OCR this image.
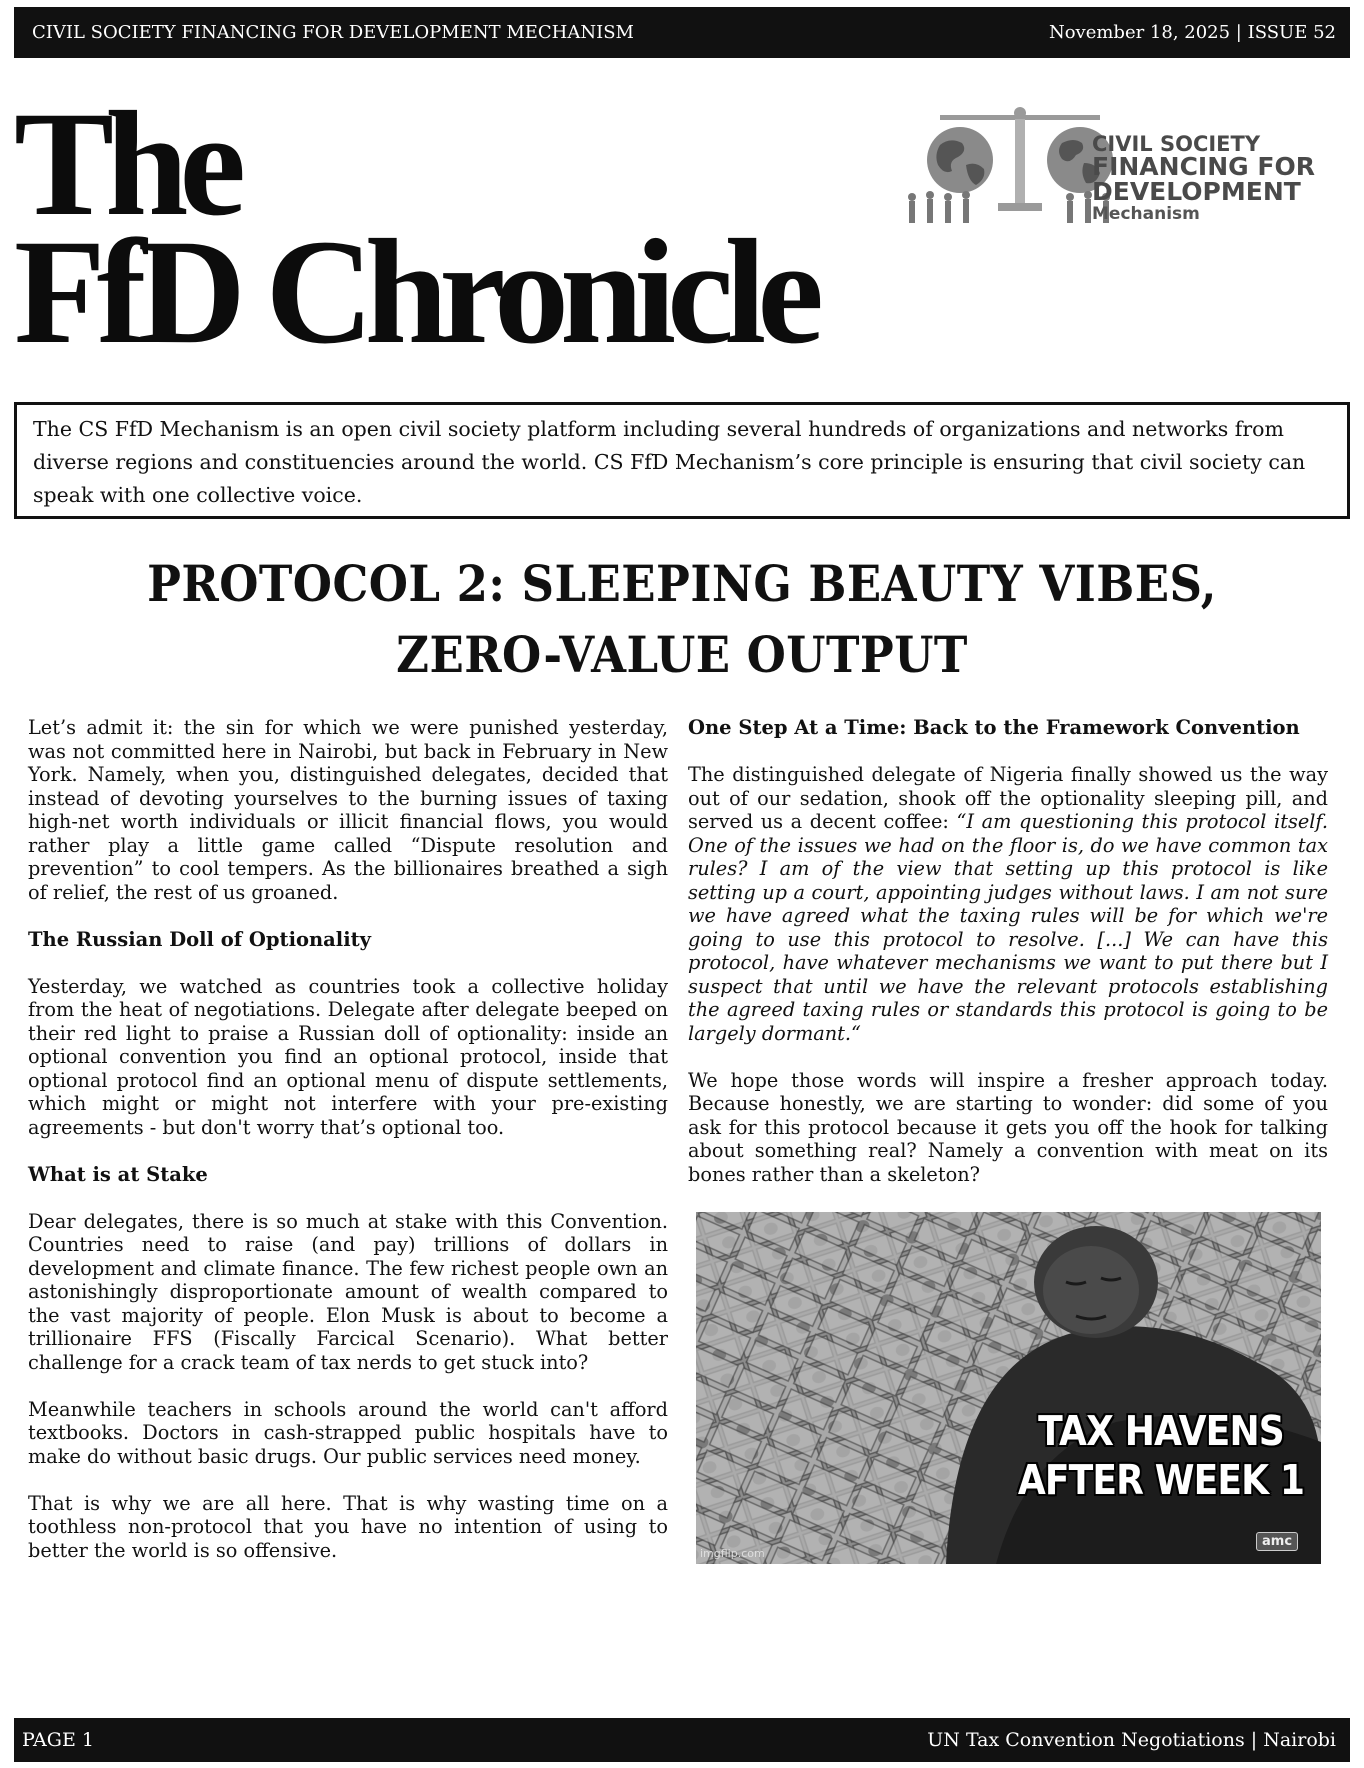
CIVIL SOCIETY FINANCING FOR DEVELOPMENT MECHANISM	November 18, 2025 | ISSUE 52
The
FfD Chronicle
CIVIL SOCIETY
FINANCING FOR
DEVELOPMENT
Mechanism
The CS FfD Mechanism is an open civil society platform including several hundreds of organizations and networks from diverse regions and constituencies around the world. CS FfD Mechanism’s core principle is ensuring that civil society can speak with one collective voice.
PROTOCOL 2: SLEEPING BEAUTY VIBES,
ZERO-VALUE OUTPUT

Let’s admit it: the sin for which we were punished yesterday, was not committed here in Nairobi, but back in February in New York. Namely, when you, distinguished delegates, decided that instead of devoting yourselves to the burning issues of taxing high-net worth individuals or illicit financial flows, you would rather play a little game called “Dispute resolution and prevention” to cool tempers. As the billionaires breathed a sigh of relief, the rest of us groaned.

The Russian Doll of Optionality

Yesterday, we watched as countries took a collective holiday from the heat of negotiations. Delegate after delegate beeped on their red light to praise a Russian doll of optionality: inside an optional convention you find an optional protocol, inside that optional protocol find an optional menu of dispute settlements, which might or might not interfere with your pre-existing agreements - but don't worry that’s optional too.

What is at Stake

Dear delegates, there is so much at stake with this Convention. Countries need to raise (and pay) trillions of dollars in development and climate finance. The few richest people own an astonishingly disproportionate amount of wealth compared to the vast majority of people. Elon Musk is about to become a trillionaire FFS (Fiscally Farcical Scenario). What better challenge for a crack team of tax nerds to get stuck into?

Meanwhile teachers in schools around the world can't afford textbooks. Doctors in cash-strapped public hospitals have to make do without basic drugs. Our public services need money.

That is why we are all here. That is why wasting time on a toothless non-protocol that you have no intention of using to better the world is so offensive.

One Step At a Time: Back to the Framework Convention

The distinguished delegate of Nigeria finally showed us the way out of our sedation, shook off the optionality sleeping pill, and served us a decent coffee: “I am questioning this protocol itself. One of the issues we had on the floor is, do we have common tax rules? I am of the view that setting up this protocol is like setting up a court, appointing judges without laws. I am not sure we have agreed what the taxing rules will be for which we're going to use this protocol to resolve. [...] We can have this protocol, have whatever mechanisms we want to put there but I suspect that until we have the relevant protocols establishing the agreed taxing rules or standards this protocol is going to be largely dormant.“

We hope those words will inspire a fresher approach today. Because honestly, we are starting to wonder: did some of you ask for this protocol because it gets you off the hook for talking about something real? Namely a convention with meat on its bones rather than a skeleton?

TAX HAVENS
AFTER WEEK 1
imgflip.com
amc
PAGE 1	UN Tax Convention Negotiations | Nairobi
